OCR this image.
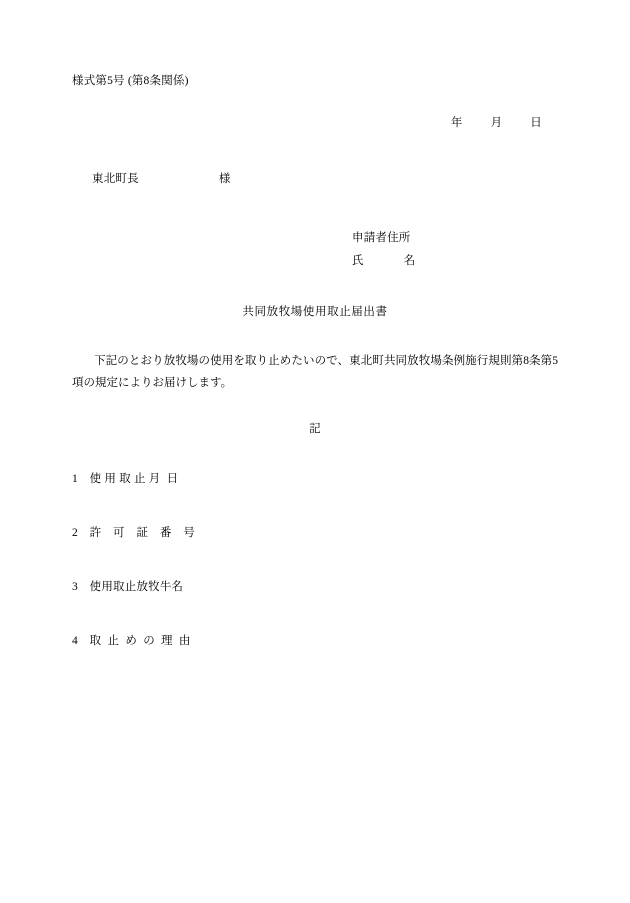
様式第5号 (第8条関係)
年 月 日
東北町長	様
申請者住所
氏	名
共同放牧場使用取止届出書
下記のとおり放牧場の使用を取り止めたいので、東北町共同放牧場条例施行規則第8条第5項の規定によりお届けします。
記
1　使 用 取 止 月  日
2　許　可　証　番　号
3　使用取止放牧牛名
4　取  止  め  の  理  由
